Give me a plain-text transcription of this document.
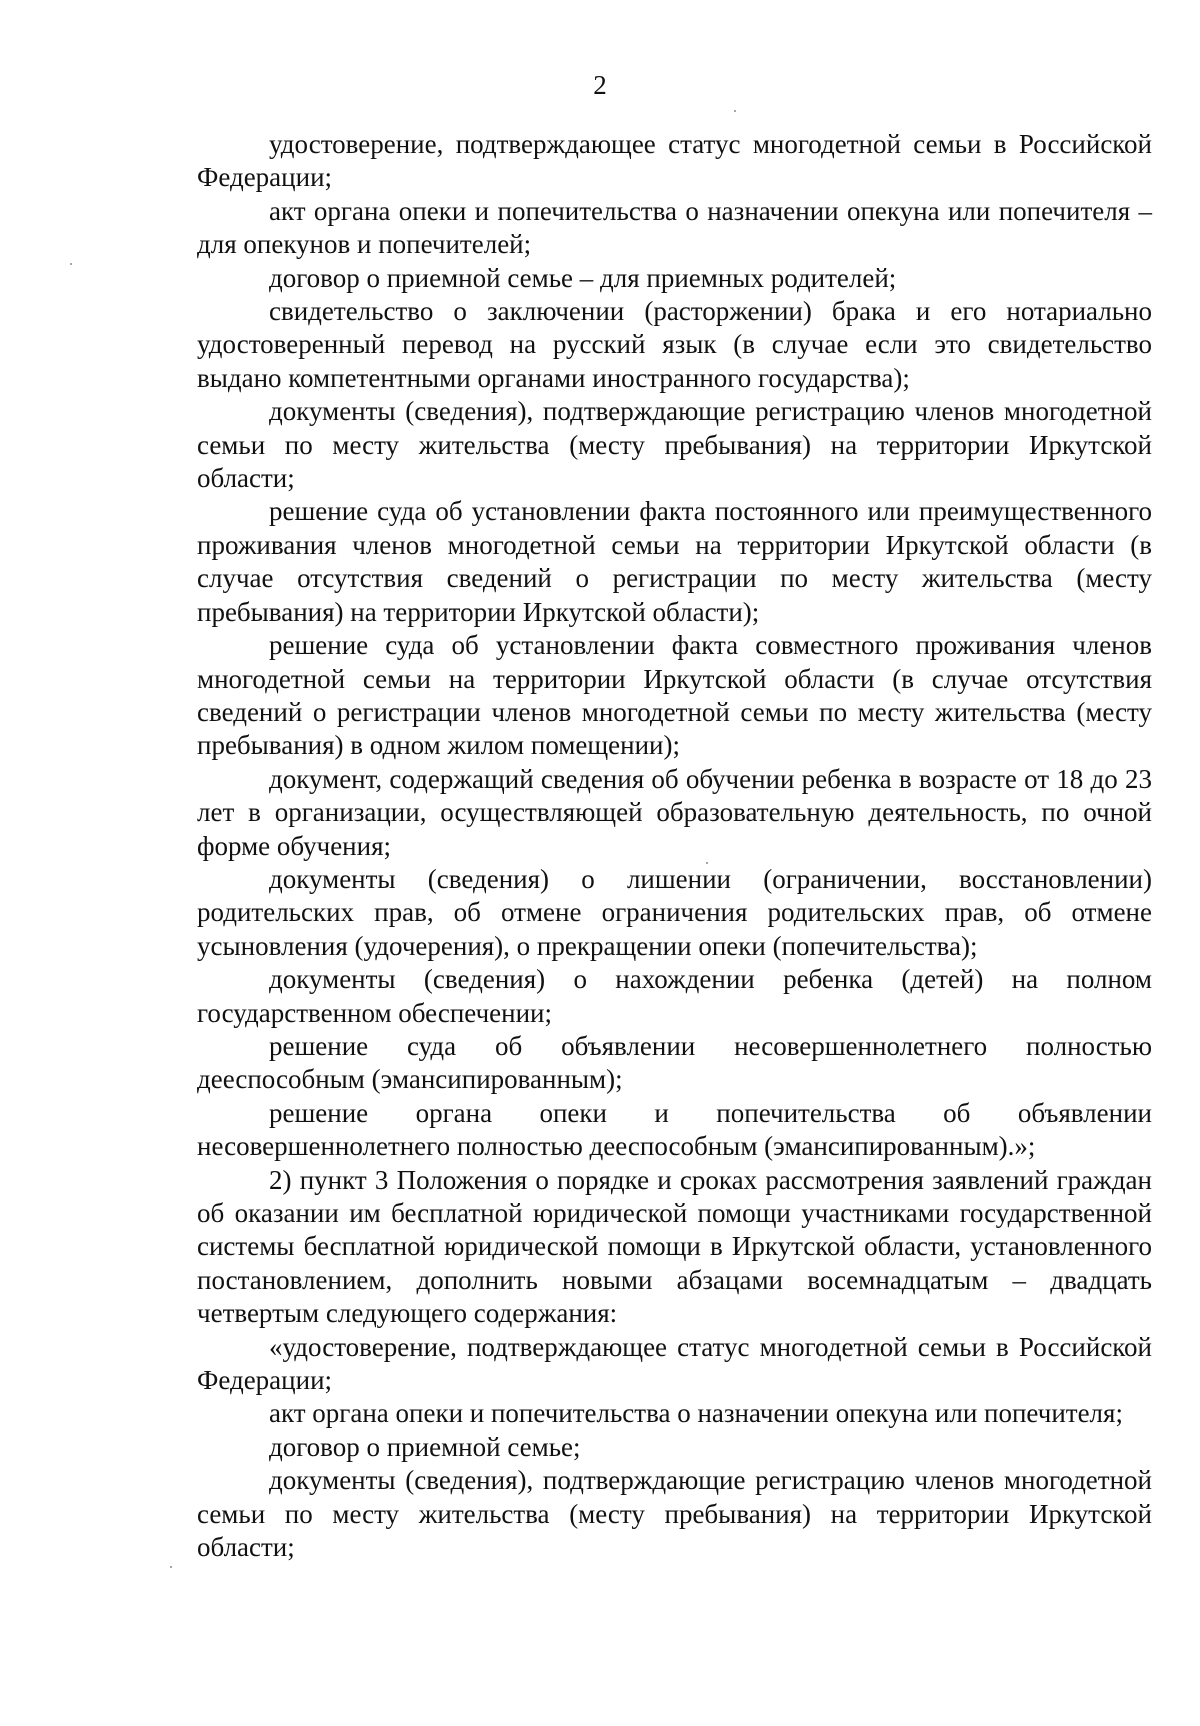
2

удостоверение, подтверждающее статус многодетной семьи в Российской Федерации;

акт органа опеки и попечительства о назначении опекуна или попечителя – для опекунов и попечителей;

договор о приемной семье – для приемных родителей;

свидетельство о заключении (расторжении) брака и его нотариально удостоверенный перевод на русский язык (в случае если это свидетельство выдано компетентными органами иностранного государства);

документы (сведения), подтверждающие регистрацию членов многодетной семьи по месту жительства (месту пребывания) на территории Иркутской области;

решение суда об установлении факта постоянного или преимущественного проживания членов многодетной семьи на территории Иркутской области (в случае отсутствия сведений о регистрации по месту жительства (месту пребывания) на территории Иркутской области);

решение суда об установлении факта совместного проживания членов многодетной семьи на территории Иркутской области (в случае отсутствия сведений о регистрации членов многодетной семьи по месту жительства (месту пребывания) в одном жилом помещении);

документ, содержащий сведения об обучении ребенка в возрасте от 18 до 23 лет в организации, осуществляющей образовательную деятельность, по очной форме обучения;

документы (сведения) о лишении (ограничении, восстановлении) родительских прав, об отмене ограничения родительских прав, об отмене усыновления (удочерения), о прекращении опеки (попечительства);

документы (сведения) о нахождении ребенка (детей) на полном государственном обеспечении;

решение суда об объявлении несовершеннолетнего полностью дееспособным (эмансипированным);

решение органа опеки и попечительства об объявлении несовершеннолетнего полностью дееспособным (эмансипированным).»;

2) пункт 3 Положения о порядке и сроках рассмотрения заявлений граждан об оказании им бесплатной юридической помощи участниками государственной системы бесплатной юридической помощи в Иркутской области, установленного постановлением, дополнить новыми абзацами восемнадцатым – двадцать четвертым следующего содержания:

«удостоверение, подтверждающее статус многодетной семьи в Российской Федерации;

акт органа опеки и попечительства о назначении опекуна или попечителя;

договор о приемной семье;

документы (сведения), подтверждающие регистрацию членов многодетной семьи по месту жительства (месту пребывания) на территории Иркутской области;
